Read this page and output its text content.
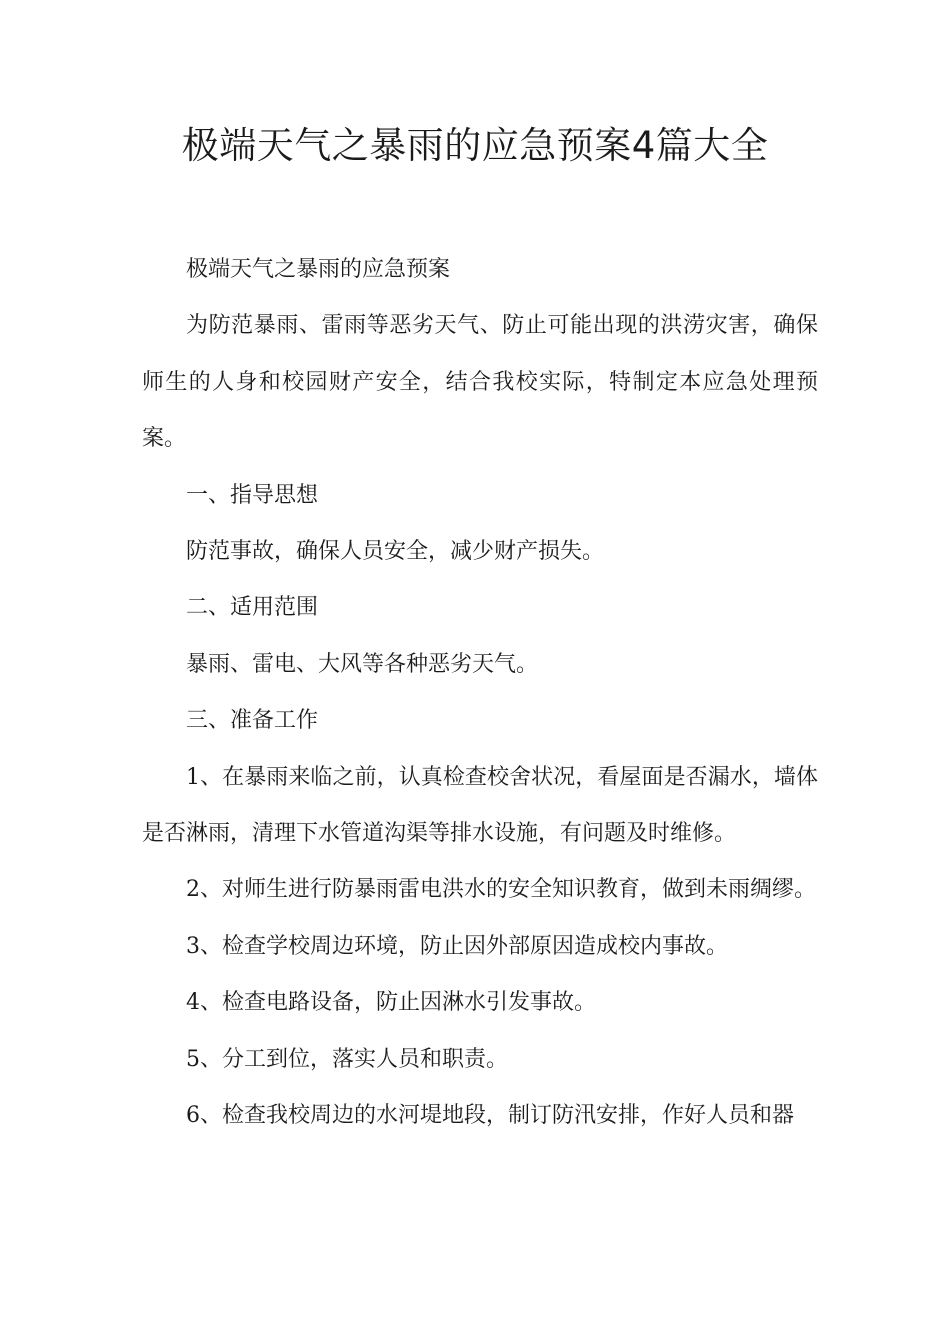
极端天气之暴雨的应急预案4篇大全

极端天气之暴雨的应急预案

为防范暴雨、雷雨等恶劣天气、防止可能出现的洪涝灾害，确保师生的人身和校园财产安全，结合我校实际，特制定本应急处理预案。

一、指导思想

防范事故，确保人员安全，减少财产损失。

二、适用范围

暴雨、雷电、大风等各种恶劣天气。

三、准备工作

1、在暴雨来临之前，认真检查校舍状况，看屋面是否漏水，墙体是否淋雨，清理下水管道沟渠等排水设施，有问题及时维修。

2、对师生进行防暴雨雷电洪水的安全知识教育，做到未雨绸缪。

3、检查学校周边环境，防止因外部原因造成校内事故。

4、检查电路设备，防止因淋水引发事故。

5、分工到位，落实人员和职责。

6、检查我校周边的水河堤地段，制订防汛安排，作好人员和器
